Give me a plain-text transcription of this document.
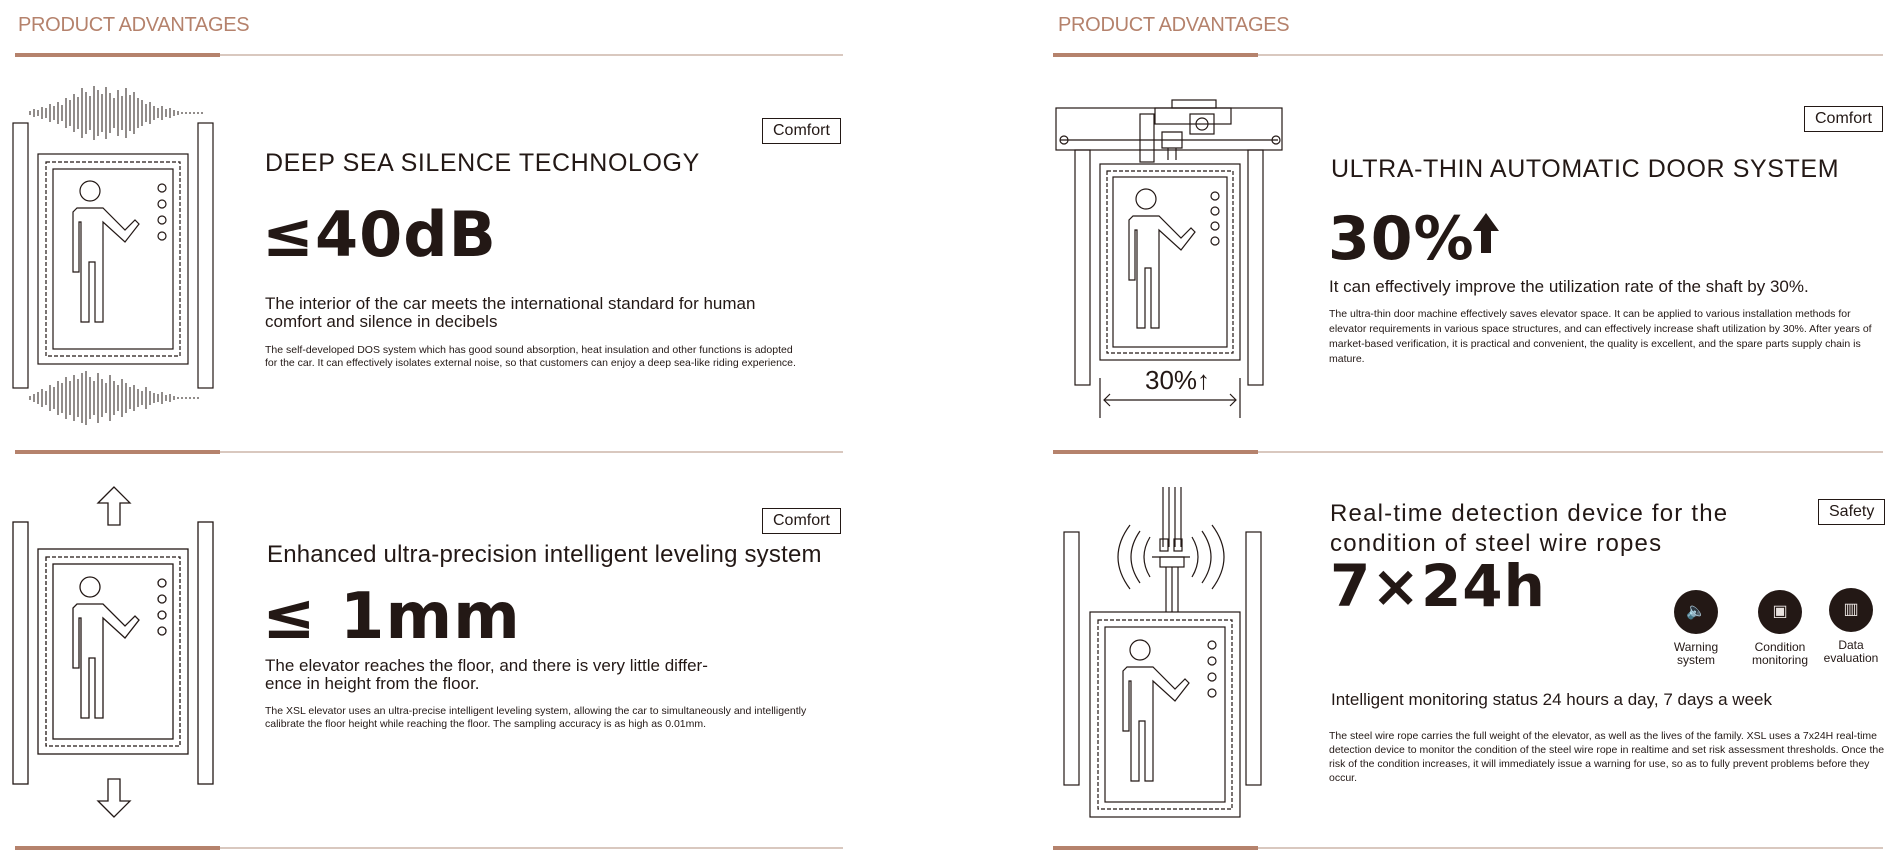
PRODUCT ADVANTAGES
Comfort
DEEP SEA SILENCE TECHNOLOGY
≤40dB
The interior of the car meets the international standard for human comfort and silence in decibels
The self-developed DOS system which has good sound absorption, heat insulation and other functions is adopted for the car. It can effectively isolates external noise, so that customers can enjoy a deep sea-like riding experience.
Comfort
Enhanced ultra-precision intelligent leveling system
≤ 1mm
The elevator reaches the floor, and there is very little differ-ence in height from the floor.
The XSL elevator uses an ultra-precise intelligent leveling system, allowing the car to simultaneously and intelligently calibrate the floor height while reaching the floor. The sampling accuracy is as high as 0.01mm.
PRODUCT ADVANTAGES
30%↑
Comfort
ULTRA-THIN AUTOMATIC DOOR SYSTEM
30%
It can effectively improve the utilization rate of the shaft by 30%.
The ultra-thin door machine effectively saves elevator space. It can be applied to various installation methods for elevator requirements in various space structures, and can effectively increase shaft utilization by 30%. After years of market-based verification, it is practical and convenient, the quality is excellent, and the spare parts supply chain is mature.
Safety
Real-time detection device for the
condition of steel wire ropes
7×24h	🔈
Warning
system
▣
Condition
monitoring
▥
Data
evaluation
Intelligent monitoring status 24 hours a day, 7 days a week
The steel wire rope carries the full weight of the elevator, as well as the lives of the family. XSL uses a 7x24H real-time detection device to monitor the condition of the steel wire rope in realtime and set risk assessment thresholds. Once the risk of the condition increases, it will immediately issue a warning for use, so as to fully prevent problems before they occur.
